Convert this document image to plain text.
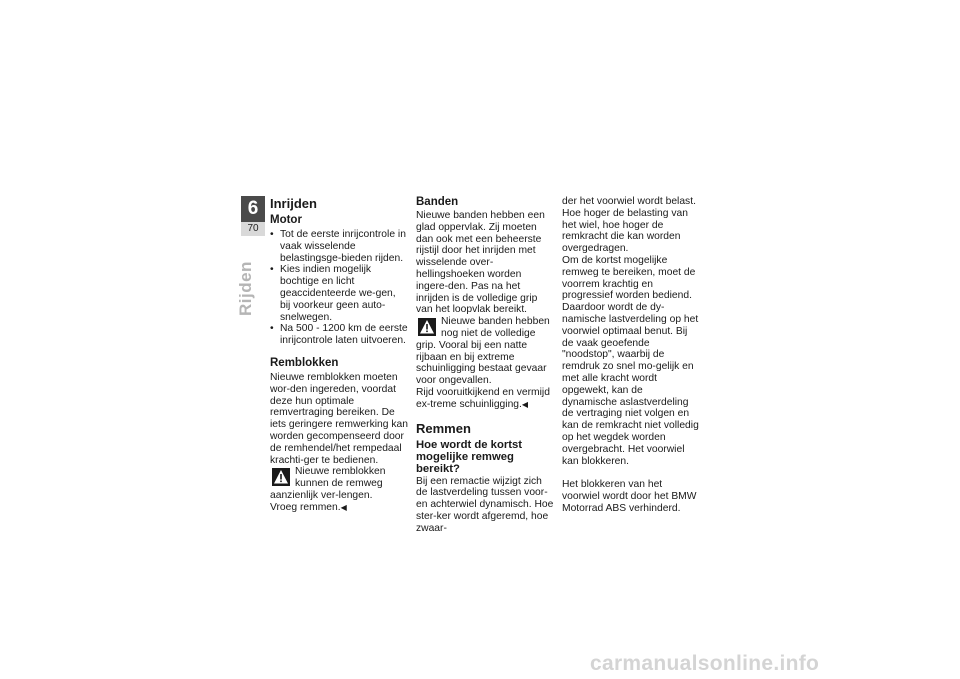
6
70
Rijden
Inrijden
Motor
• Tot de eerste inrijcontrole in vaak wisselende belastingsge-bieden rijden.
• Kies indien mogelijk bochtige en licht geaccidenteerde we-gen, bij voorkeur geen auto-snelwegen.
• Na 500 - 1200 km de eerste inrijcontrole laten uitvoeren.
Remblokken

Nieuwe remblokken moeten wor-den ingereden, voordat deze hun optimale remvertraging bereiken. De iets geringere remwerking kan worden gecompenseerd door de remhendel/het rempedaal krachti-ger te bedienen.

Nieuwe remblokken kunnen de remweg aanzienlijk ver-lengen.

Vroeg remmen.◀

Banden

Nieuwe banden hebben een glad oppervlak. Zij moeten dan ook met een beheerste rijstijl door het inrijden met wisselende over-hellingshoeken worden ingere-den. Pas na het inrijden is de volledige grip van het loopvlak bereikt.

Nieuwe banden hebben nog niet de volledige grip. Vooral bij een natte rijbaan en bij extreme schuinligging bestaat gevaar voor ongevallen.

Rijd vooruitkijkend en vermijd ex-treme schuinligging.◀

Remmen
Hoe wordt de kortst mogelijke remweg bereikt?

Bij een remactie wijzigt zich de lastverdeling tussen voor- en achterwiel dynamisch. Hoe ster-ker wordt afgeremd, hoe zwaar-

der het voorwiel wordt belast. Hoe hoger de belasting van het wiel, hoe hoger de remkracht die kan worden overgedragen.

Om de kortst mogelijke remweg te bereiken, moet de voorrem krachtig en progressief worden bediend. Daardoor wordt de dy-namische lastverdeling op het voorwiel optimaal benut. Bij de vaak geoefende "noodstop", waarbij de remdruk zo snel mo-gelijk en met alle kracht wordt opgewekt, kan de dynamische aslastverdeling de vertraging niet volgen en kan de remkracht niet volledig op het wegdek worden overgebracht. Het voorwiel kan blokkeren.

Het blokkeren van het voorwiel wordt door het BMW Motorrad ABS verhinderd.

carmanualsonline.info
